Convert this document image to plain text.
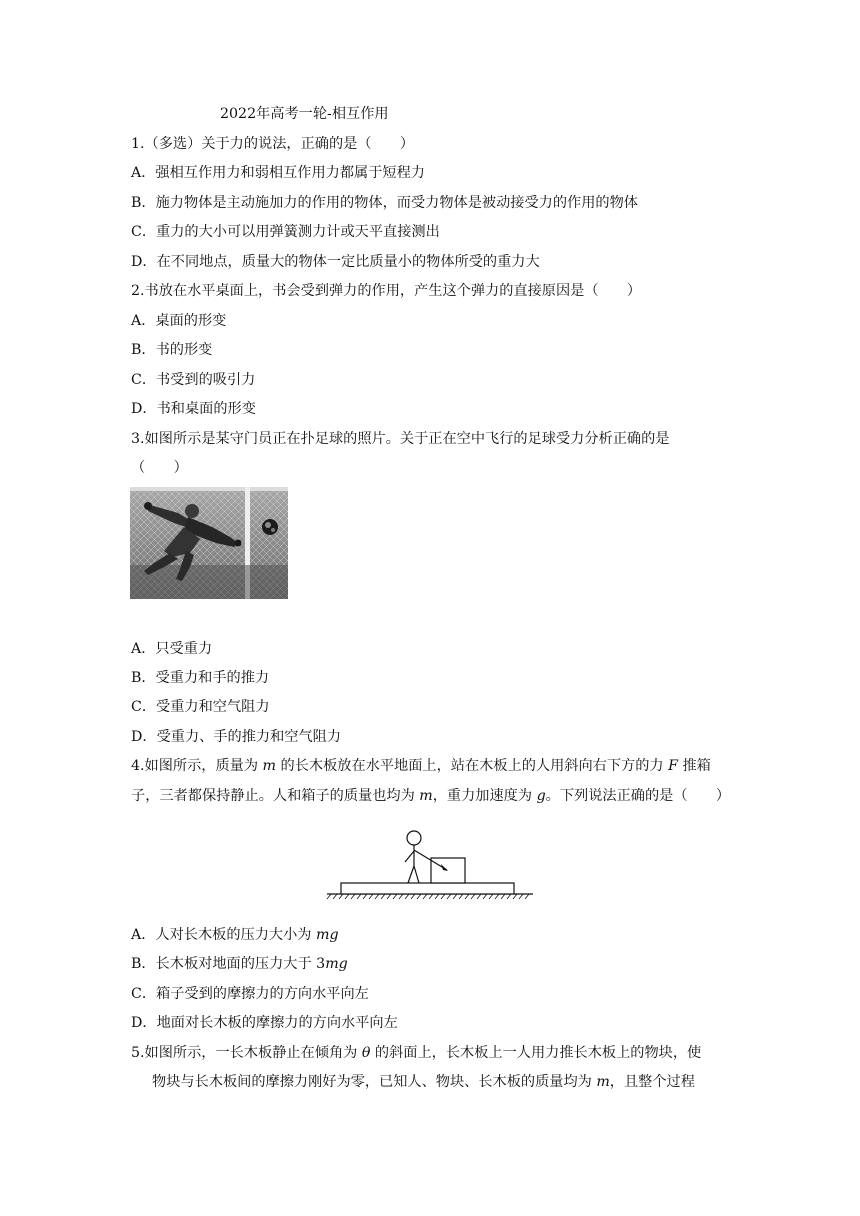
2022年高考一轮-相互作用
1.（多选）关于力的说法，正确的是（　　）
A．强相互作用力和弱相互作用力都属于短程力
B．施力物体是主动施加力的作用的物体，而受力物体是被动接受力的作用的物体
C．重力的大小可以用弹簧测力计或天平直接测出
D．在不同地点，质量大的物体一定比质量小的物体所受的重力大
2.书放在水平桌面上，书会受到弹力的作用，产生这个弹力的直接原因是（　　）
A．桌面的形变
B．书的形变
C．书受到的吸引力
D．书和桌面的形变
3.如图所示是某守门员正在扑足球的照片。关于正在空中飞行的足球受力分析正确的是
（　　）
A．只受重力
B．受重力和手的推力
C．受重力和空气阻力
D．受重力、手的推力和空气阻力
4.如图所示，质量为 m 的长木板放在水平地面上，站在木板上的人用斜向右下方的力 F 推箱
子，三者都保持静止。人和箱子的质量也均为 m，重力加速度为 g。下列说法正确的是（　　）
A．人对长木板的压力大小为 mg
B．长木板对地面的压力大于 3mg
C．箱子受到的摩擦力的方向水平向左
D．地面对长木板的摩擦力的方向水平向左
5.如图所示，一长木板静止在倾角为 θ 的斜面上，长木板上一人用力推长木板上的物块，使
物块与长木板间的摩擦力刚好为零，已知人、物块、长木板的质量均为 m，且整个过程
